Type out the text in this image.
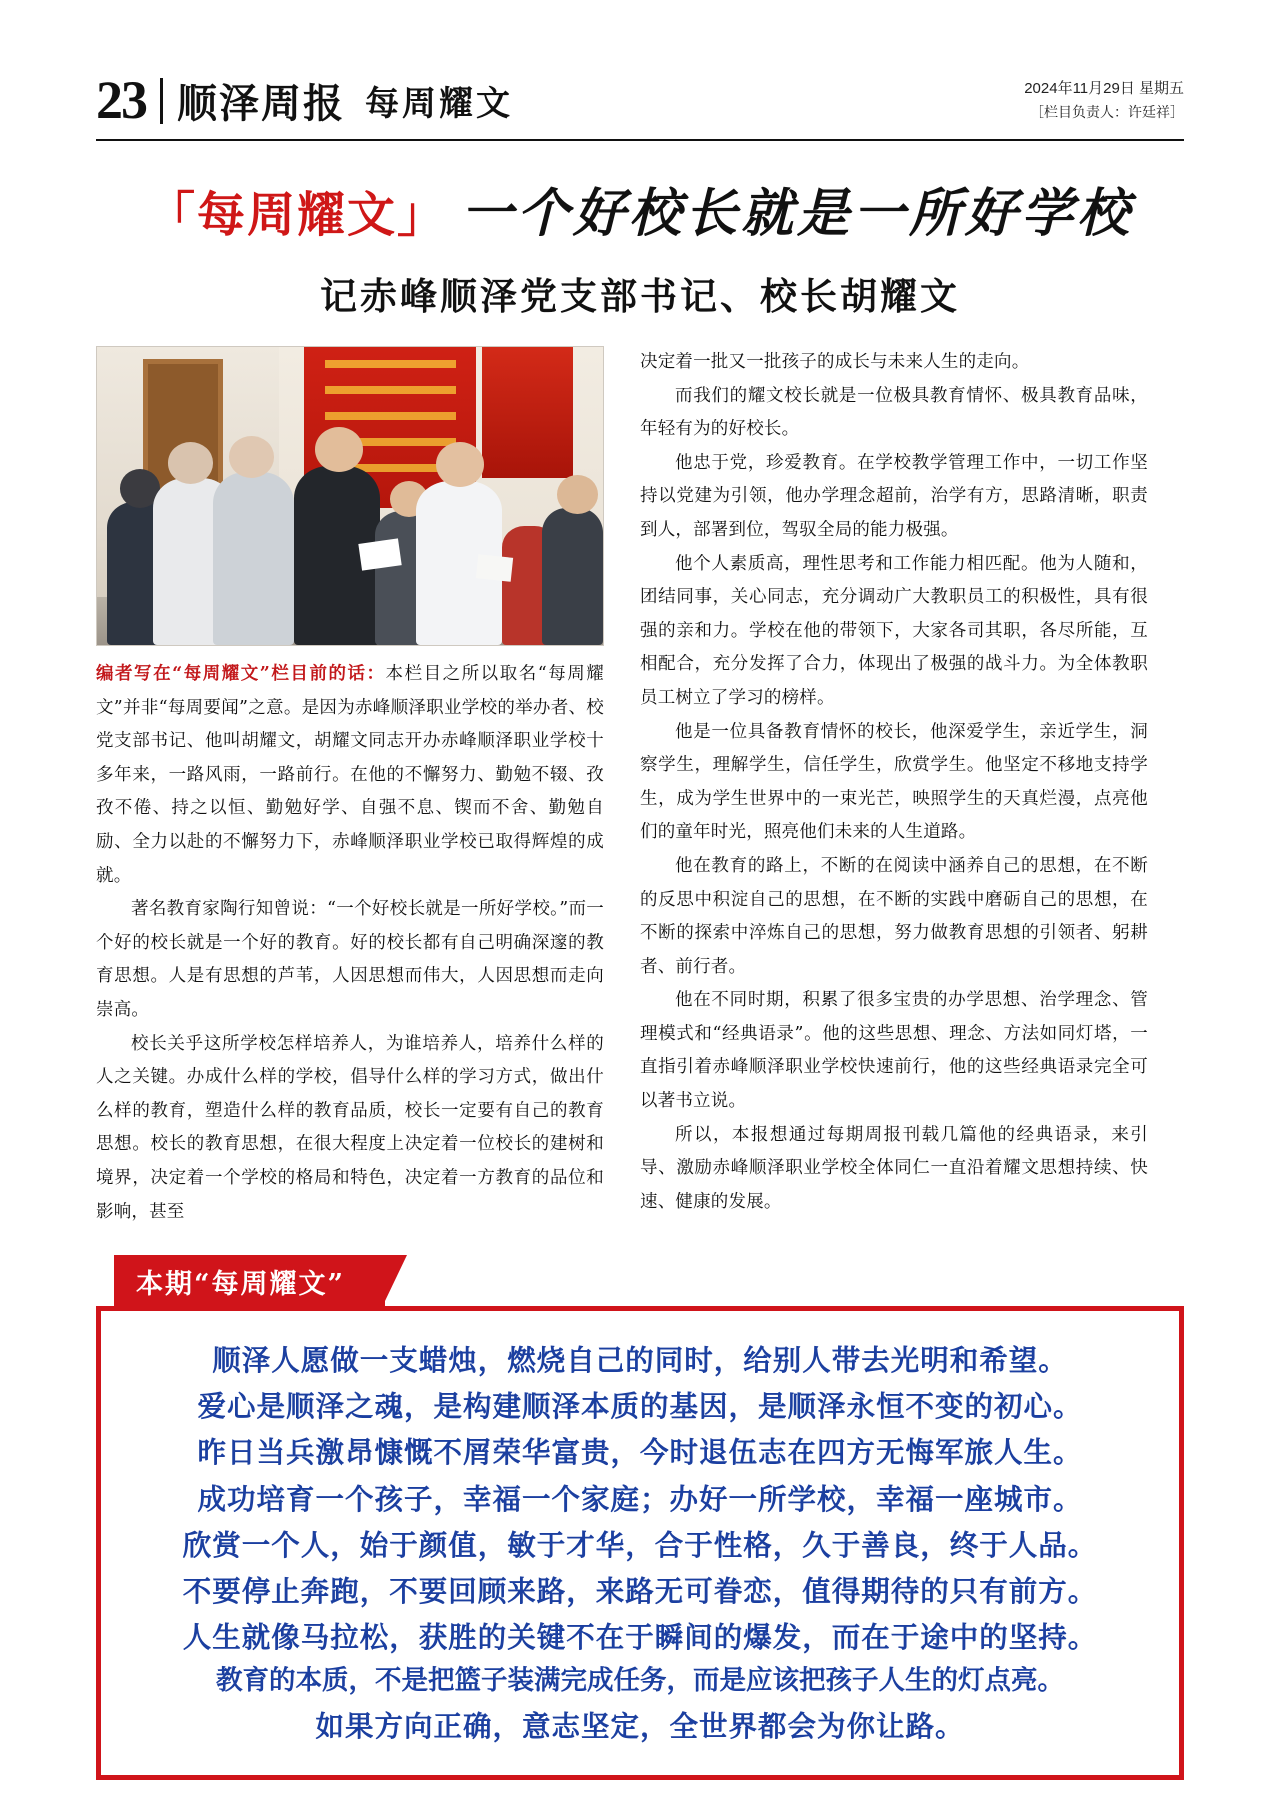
23 顺泽周报 每周耀文	2024年11月29日 星期五
［栏目负责人：许廷祥］
「每周耀文」 一个好校长就是一所好学校
记赤峰顺泽党支部书记、校长胡耀文

编者写在“每周耀文”栏目前的话：本栏目之所以取名“每周耀文”并非“每周要闻”之意。是因为赤峰顺泽职业学校的举办者、校党支部书记、他叫胡耀文，胡耀文同志开办赤峰顺泽职业学校十多年来，一路风雨，一路前行。在他的不懈努力、勤勉不辍、孜孜不倦、持之以恒、勤勉好学、自强不息、锲而不舍、勤勉自励、全力以赴的不懈努力下，赤峰顺泽职业学校已取得辉煌的成就。

著名教育家陶行知曾说：“一个好校长就是一所好学校。”而一个好的校长就是一个好的教育。好的校长都有自己明确深邃的教育思想。人是有思想的芦苇，人因思想而伟大，人因思想而走向崇高。

校长关乎这所学校怎样培养人，为谁培养人，培养什么样的人之关键。办成什么样的学校，倡导什么样的学习方式，做出什么样的教育，塑造什么样的教育品质，校长一定要有自己的教育思想。校长的教育思想，在很大程度上决定着一位校长的建树和境界，决定着一个学校的格局和特色，决定着一方教育的品位和影响，甚至

决定着一批又一批孩子的成长与未来人生的走向。

而我们的耀文校长就是一位极具教育情怀、极具教育品味，年轻有为的好校长。

他忠于党，珍爱教育。在学校教学管理工作中，一切工作坚持以党建为引领，他办学理念超前，治学有方，思路清晰，职责到人，部署到位，驾驭全局的能力极强。

他个人素质高，理性思考和工作能力相匹配。他为人随和，团结同事，关心同志，充分调动广大教职员工的积极性，具有很强的亲和力。学校在他的带领下，大家各司其职，各尽所能，互相配合，充分发挥了合力，体现出了极强的战斗力。为全体教职员工树立了学习的榜样。

他是一位具备教育情怀的校长，他深爱学生，亲近学生，洞察学生，理解学生，信任学生，欣赏学生。他坚定不移地支持学生，成为学生世界中的一束光芒，映照学生的天真烂漫，点亮他们的童年时光，照亮他们未来的人生道路。

他在教育的路上，不断的在阅读中涵养自己的思想，在不断的反思中积淀自己的思想，在不断的实践中磨砺自己的思想，在不断的探索中淬炼自己的思想，努力做教育思想的引领者、躬耕者、前行者。

他在不同时期，积累了很多宝贵的办学思想、治学理念、管理模式和“经典语录”。他的这些思想、理念、方法如同灯塔，一直指引着赤峰顺泽职业学校快速前行，他的这些经典语录完全可以著书立说。

所以，本报想通过每期周报刊载几篇他的经典语录，来引导、激励赤峰顺泽职业学校全体同仁一直沿着耀文思想持续、快速、健康的发展。

本期“每周耀文”
顺泽人愿做一支蜡烛，燃烧自己的同时，给别人带去光明和希望。
爱心是顺泽之魂，是构建顺泽本质的基因，是顺泽永恒不变的初心。
昨日当兵激昂慷慨不屑荣华富贵，今时退伍志在四方无悔军旅人生。
成功培育一个孩子，幸福一个家庭；办好一所学校，幸福一座城市。
欣赏一个人，始于颜值，敏于才华，合于性格，久于善良，终于人品。
不要停止奔跑，不要回顾来路，来路无可眷恋，值得期待的只有前方。
人生就像马拉松，获胜的关键不在于瞬间的爆发，而在于途中的坚持。
教育的本质，不是把篮子装满完成任务，而是应该把孩子人生的灯点亮。
如果方向正确，意志坚定，全世界都会为你让路。
